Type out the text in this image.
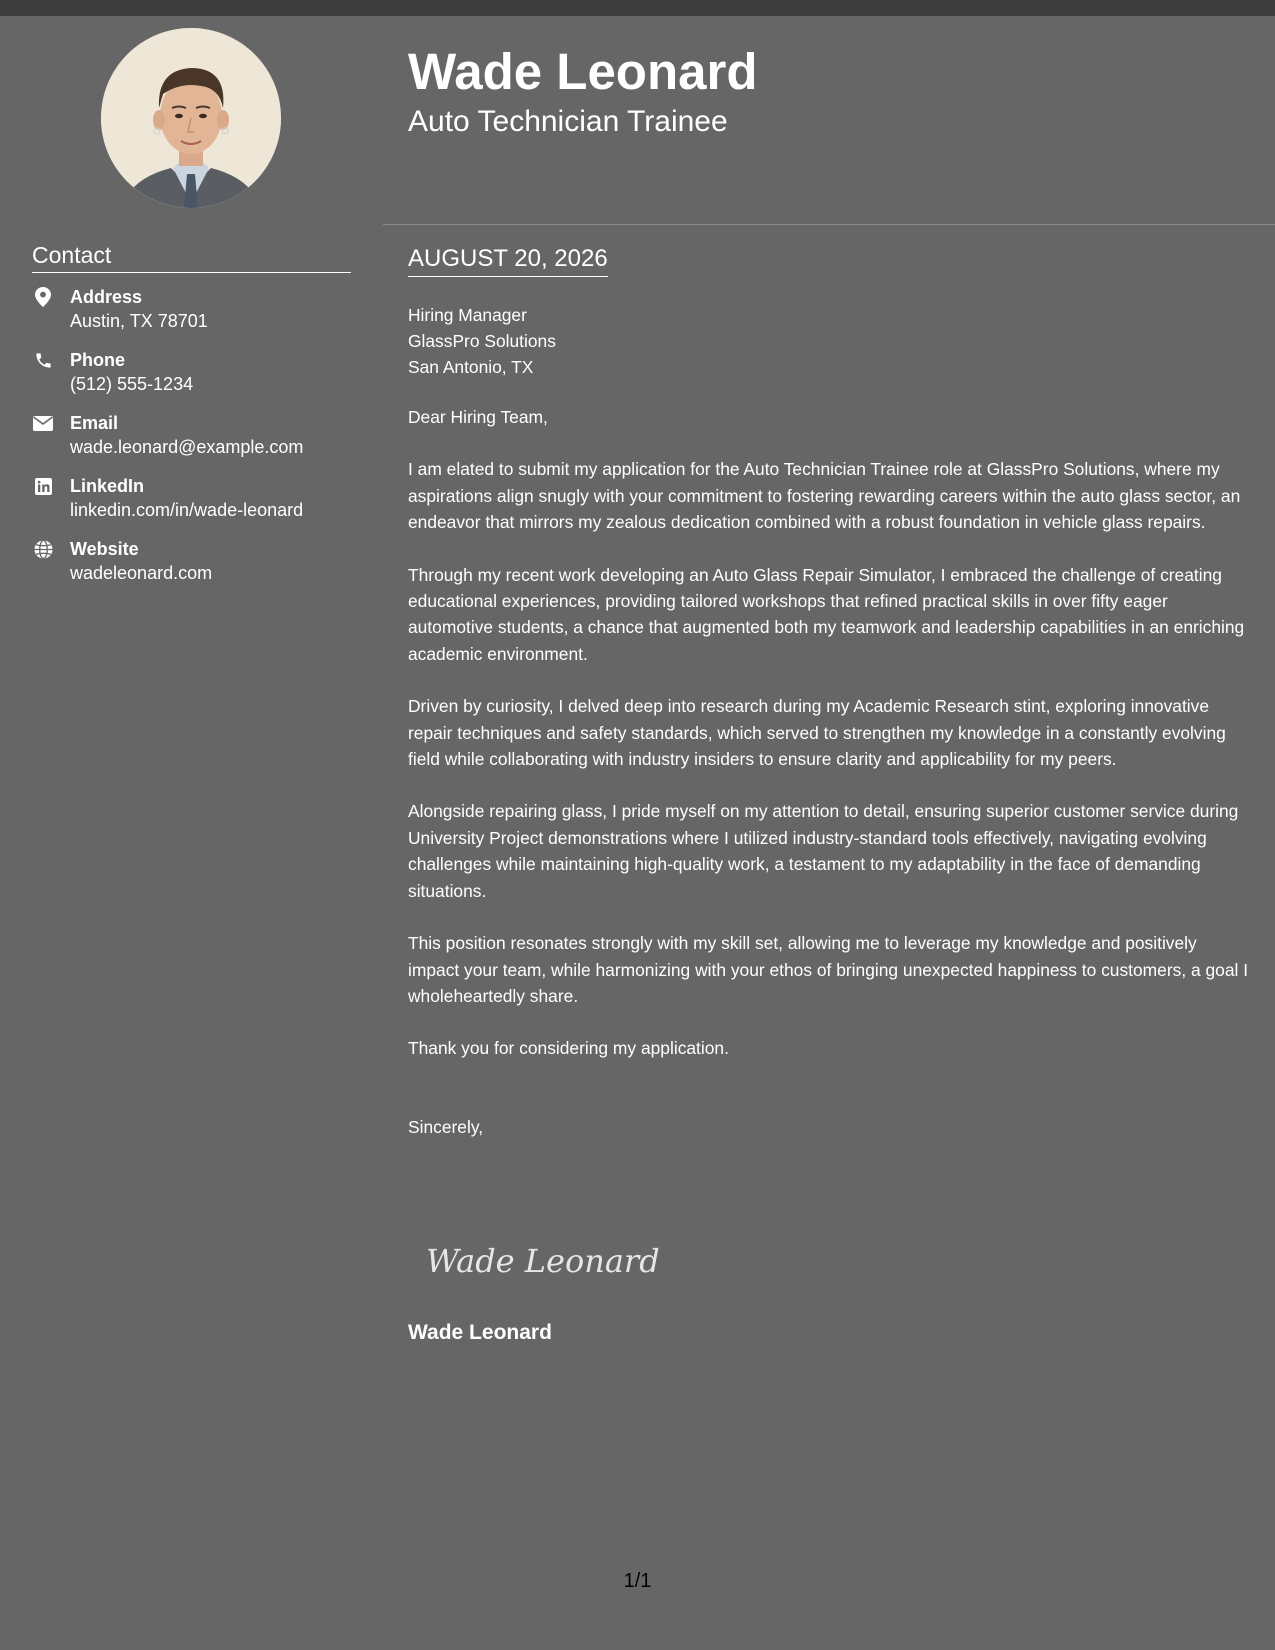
Contact
Address
Austin, TX 78701
Phone
(512) 555-1234
Email
wade.leonard@example.com
LinkedIn
linkedin.com/in/wade-leonard
Website
wadeleonard.com
Wade Leonard
Auto Technician Trainee
AUGUST 20, 2026
Hiring Manager
GlassPro Solutions
San Antonio, TX
Dear Hiring Team,
I am elated to submit my application for the Auto Technician Trainee role at GlassPro Solutions, where my aspirations align snugly with your commitment to fostering rewarding careers within the auto glass sector, an endeavor that mirrors my zealous dedication combined with a robust foundation in vehicle glass repairs.
Through my recent work developing an Auto Glass Repair Simulator, I embraced the challenge of creating educational experiences, providing tailored workshops that refined practical skills in over fifty eager automotive students, a chance that augmented both my teamwork and leadership capabilities in an enriching academic environment.
Driven by curiosity, I delved deep into research during my Academic Research stint, exploring innovative repair techniques and safety standards, which served to strengthen my knowledge in a constantly evolving field while collaborating with industry insiders to ensure clarity and applicability for my peers.
Alongside repairing glass, I pride myself on my attention to detail, ensuring superior customer service during University Project demonstrations where I utilized industry-standard tools effectively, navigating evolving challenges while maintaining high-quality work, a testament to my adaptability in the face of demanding situations.
This position resonates strongly with my skill set, allowing me to leverage my knowledge and positively impact your team, while harmonizing with your ethos of bringing unexpected happiness to customers, a goal I wholeheartedly share.
Thank you for considering my application.
Sincerely,
Wade Leonard
Wade Leonard
1/1
